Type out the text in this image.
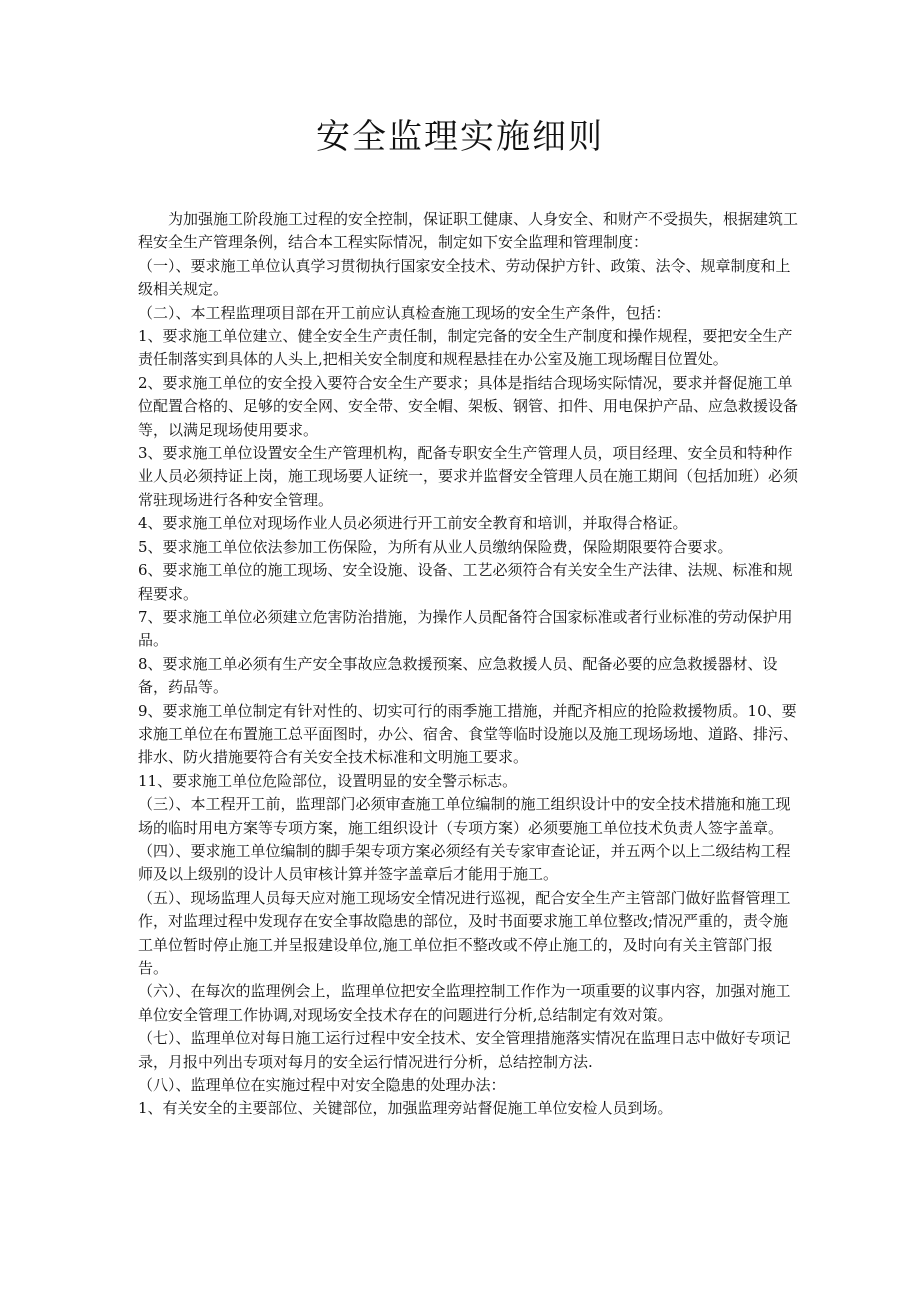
安全监理实施细则

为加强施工阶段施工过程的安全控制，保证职工健康、人身安全、和财产不受损失，根据建筑工程安全生产管理条例，结合本工程实际情况，制定如下安全监理和管理制度：

（一）、要求施工单位认真学习贯彻执行国家安全技术、劳动保护方针、政策、法令、规章制度和上级相关规定。

（二）、本工程监理项目部在开工前应认真检查施工现场的安全生产条件，包括：

1、要求施工单位建立、健全安全生产责任制，制定完备的安全生产制度和操作规程，要把安全生产责任制落实到具体的人头上,把相关安全制度和规程悬挂在办公室及施工现场醒目位置处。

2、要求施工单位的安全投入要符合安全生产要求；具体是指结合现场实际情况，要求并督促施工单位配置合格的、足够的安全网、安全带、安全帽、架板、钢管、扣件、用电保护产品、应急救援设备等，以满足现场使用要求。

3、要求施工单位设置安全生产管理机构，配备专职安全生产管理人员，项目经理、安全员和特种作业人员必须持证上岗，施工现场要人证统一，要求并监督安全管理人员在施工期间（包括加班）必须常驻现场进行各种安全管理。

4、要求施工单位对现场作业人员必须进行开工前安全教育和培训，并取得合格证。

5、要求施工单位依法参加工伤保险，为所有从业人员缴纳保险费，保险期限要符合要求。

6、要求施工单位的施工现场、安全设施、设备、工艺必须符合有关安全生产法律、法规、标准和规程要求。

7、要求施工单位必须建立危害防治措施，为操作人员配备符合国家标准或者行业标准的劳动保护用品。

8、要求施工单必须有生产安全事故应急救援预案、应急救援人员、配备必要的应急救援器材、设备，药品等。

9、要求施工单位制定有针对性的、切实可行的雨季施工措施，并配齐相应的抢险救援物质。10、要求施工单位在布置施工总平面图时，办公、宿舍、食堂等临时设施以及施工现场场地、道路、排污、排水、防火措施要符合有关安全技术标准和文明施工要求。

11、要求施工单位危险部位，设置明显的安全警示标志。

（三）、本工程开工前，监理部门必须审查施工单位编制的施工组织设计中的安全技术措施和施工现场的临时用电方案等专项方案，施工组织设计（专项方案）必须要施工单位技术负责人签字盖章。

（四）、要求施工单位编制的脚手架专项方案必须经有关专家审查论证，并五两个以上二级结构工程师及以上级别的设计人员审核计算并签字盖章后才能用于施工。

（五）、现场监理人员每天应对施工现场安全情况进行巡视，配合安全生产主管部门做好监督管理工作，对监理过程中发现存在安全事故隐患的部位，及时书面要求施工单位整改;情况严重的，责令施工单位暂时停止施工并呈报建设单位,施工单位拒不整改或不停止施工的，及时向有关主管部门报告。

（六）、在每次的监理例会上，监理单位把安全监理控制工作作为一项重要的议事内容，加强对施工单位安全管理工作协调,对现场安全技术存在的问题进行分析,总结制定有效对策。

（七）、监理单位对每日施工运行过程中安全技术、安全管理措施落实情况在监理日志中做好专项记录，月报中列出专项对每月的安全运行情况进行分析，总结控制方法.

（八）、监理单位在实施过程中对安全隐患的处理办法：

1、有关安全的主要部位、关键部位，加强监理旁站督促施工单位安检人员到场。
